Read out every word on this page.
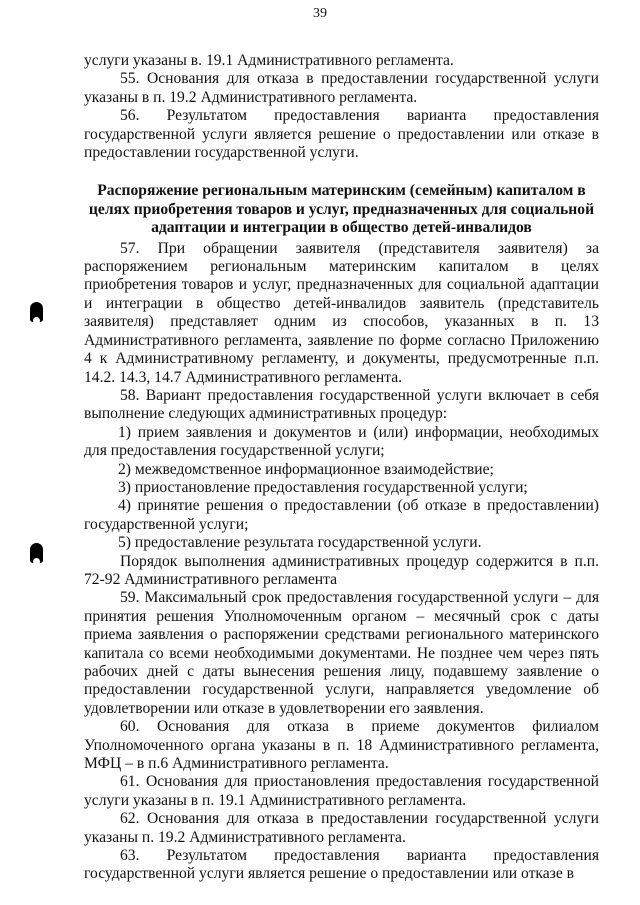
39

услуги указаны в. 19.1 Административного регламента.

55. Основания для отказа в предоставлении государственной услуги указаны в п. 19.2 Административного регламента.

56. Результатом предоставления варианта предоставления государственной услуги является решение о предоставлении или отказе в предоставлении государственной услуги.

Распоряжение региональным материнским (семейным) капиталом в целях приобретения товаров и услуг, предназначенных для социальной адаптации и интеграции в общество детей-инвалидов

57. При обращении заявителя (представителя заявителя) за распоряжением региональным материнским капиталом в целях приобретения товаров и услуг, предназначенных для социальной адаптации и интеграции в общество детей-инвалидов заявитель (представитель заявителя) представляет одним из способов, указанных в п. 13 Административного регламента, заявление по форме согласно Приложению 4 к Административному регламенту, и документы, предусмотренные п.п. 14.2. 14.3, 14.7 Административного регламента.

58. Вариант предоставления государственной услуги включает в себя выполнение следующих административных процедур:

1) прием заявления и документов и (или) информации, необходимых для предоставления государственной услуги;

2) межведомственное информационное взаимодействие;

3) приостановление предоставления государственной услуги;

4) принятие решения о предоставлении (об отказе в предоставлении) государственной услуги;

5) предоставление результата государственной услуги.

Порядок выполнения административных процедур содержится в п.п. 72-92 Административного регламента

59. Максимальный срок предоставления государственной услуги – для принятия решения Уполномоченным органом – месячный срок с даты приема заявления о распоряжении средствами регионального материнского капитала со всеми необходимыми документами. Не позднее чем через пять рабочих дней с даты вынесения решения лицу, подавшему заявление о предоставлении государственной услуги, направляется уведомление об удовлетворении или отказе в удовлетворении его заявления.

60. Основания для отказа в приеме документов филиалом Уполномоченного органа указаны в п. 18 Административного регламента, МФЦ – в п.6 Административного регламента.

61. Основания для приостановления предоставления государственной услуги указаны в п. 19.1 Административного регламента.

62. Основания для отказа в предоставлении государственной услуги указаны п. 19.2 Административного регламента.

63. Результатом предоставления варианта предоставления государственной услуги является решение о предоставлении или отказе в
